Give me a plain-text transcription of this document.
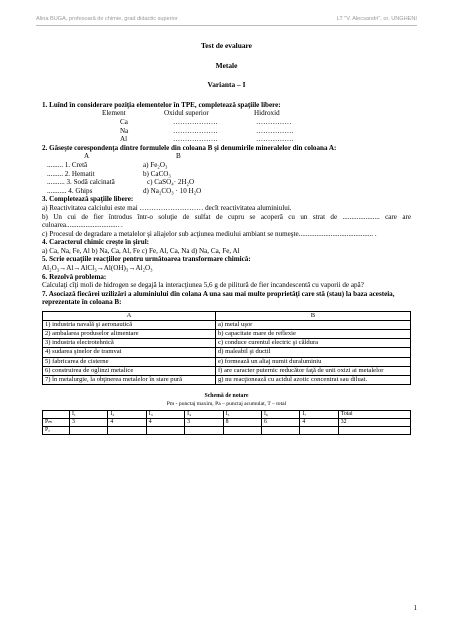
Alina BUGA, profesoară de chimie, grad didactic superior	LT "V. Alecsandri", or. UNGHENI
Test de evaluare
Metale
Varianta – I
1. Luînd în considerare poziţia elementelor în TPE, completează spaţiile libere:
Element	Oxidul superior	Hidroxid
Ca	……………….	……………
Na	……………….	…………….
Al	……………….	…………….
2. Găseşte corespondenţa dintre formulele din coloana B şi denumirile mineralelor din coloana A:
A	B
......... 1. Cretă	a) Fe₂O₃
......... 2. Hematit	b) CaCO₃
.......... 3. Sodă calcinată	c) CaSO₄· 2H₂O
........... 4. Ghips	d) Na₂CO₃ · 10 H₂O
3. Completează spaţiile libere:
a) Reactivitatea calciului este mai ……………………… decît reactivitatea aluminiului.
b) Un cui de fier întrodus într-o soluţie de sulfat de cupru se acoperă cu un strat de ..................... care are culoarea.............................. .
c) Procesul de degradare a metalelor şi aliajelor sub acţiunea mediului ambiant se numeşte.......................................... .
4. Caracterul chimic creşte în şirul:
a) Ca, Na, Fe, Al b) Na, Ca, Al, Fe c) Fe, Al, Ca, Na d) Na, Ca, Fe, Al
5. Scrie ecuaţiile reacţiilor pentru următoarea transformare chimică:
Al₂O₃→Al→AlCl₃→Al(OH)₃→Al₂O₃
6. Rezolvă problema:
Calculaţi cîţi moli de hidrogen se degajă la interacţiunea 5,6 g de pilitură de fier incandescentă cu vaporii de apă?
7. Asociază fiecărei uzilizări a aluminiului din colana A una sau mai multe proprietăţi care stă (stau) la baza acesteia, reprezentate în coloana B:
A	B
1) industria navală şi aeronautică	a) metal uşor
2) ambalarea produselor alimentare	b) capacitate mare de reflexie
3) industria electrotehnică	c) conduce curentul electric şi căldura
4) sudarea şinelor de tramvai	d) maleabil şi ductil
5) fabricarea de cisterne	e) formează un aliaj numit duraluminiu
6) construirea de oglinzi metalice	f) are caracter puternic reducător faţă de unii oxizi ai metalelor
7) în metalurgie, la obţinerea metalelor în stare pură	g) nu reacţionează cu acidul azotic concentrat sau diluat.
Schemă de notare
Pm - punctaj maxim, Pa – punctaj acumulat, T – total
	I₁	I₂	I₃	I₄	I₅	I₆	I₇	Total
Pₘ	3	4	4	3	8	6	4	32
Pₐ								
1
